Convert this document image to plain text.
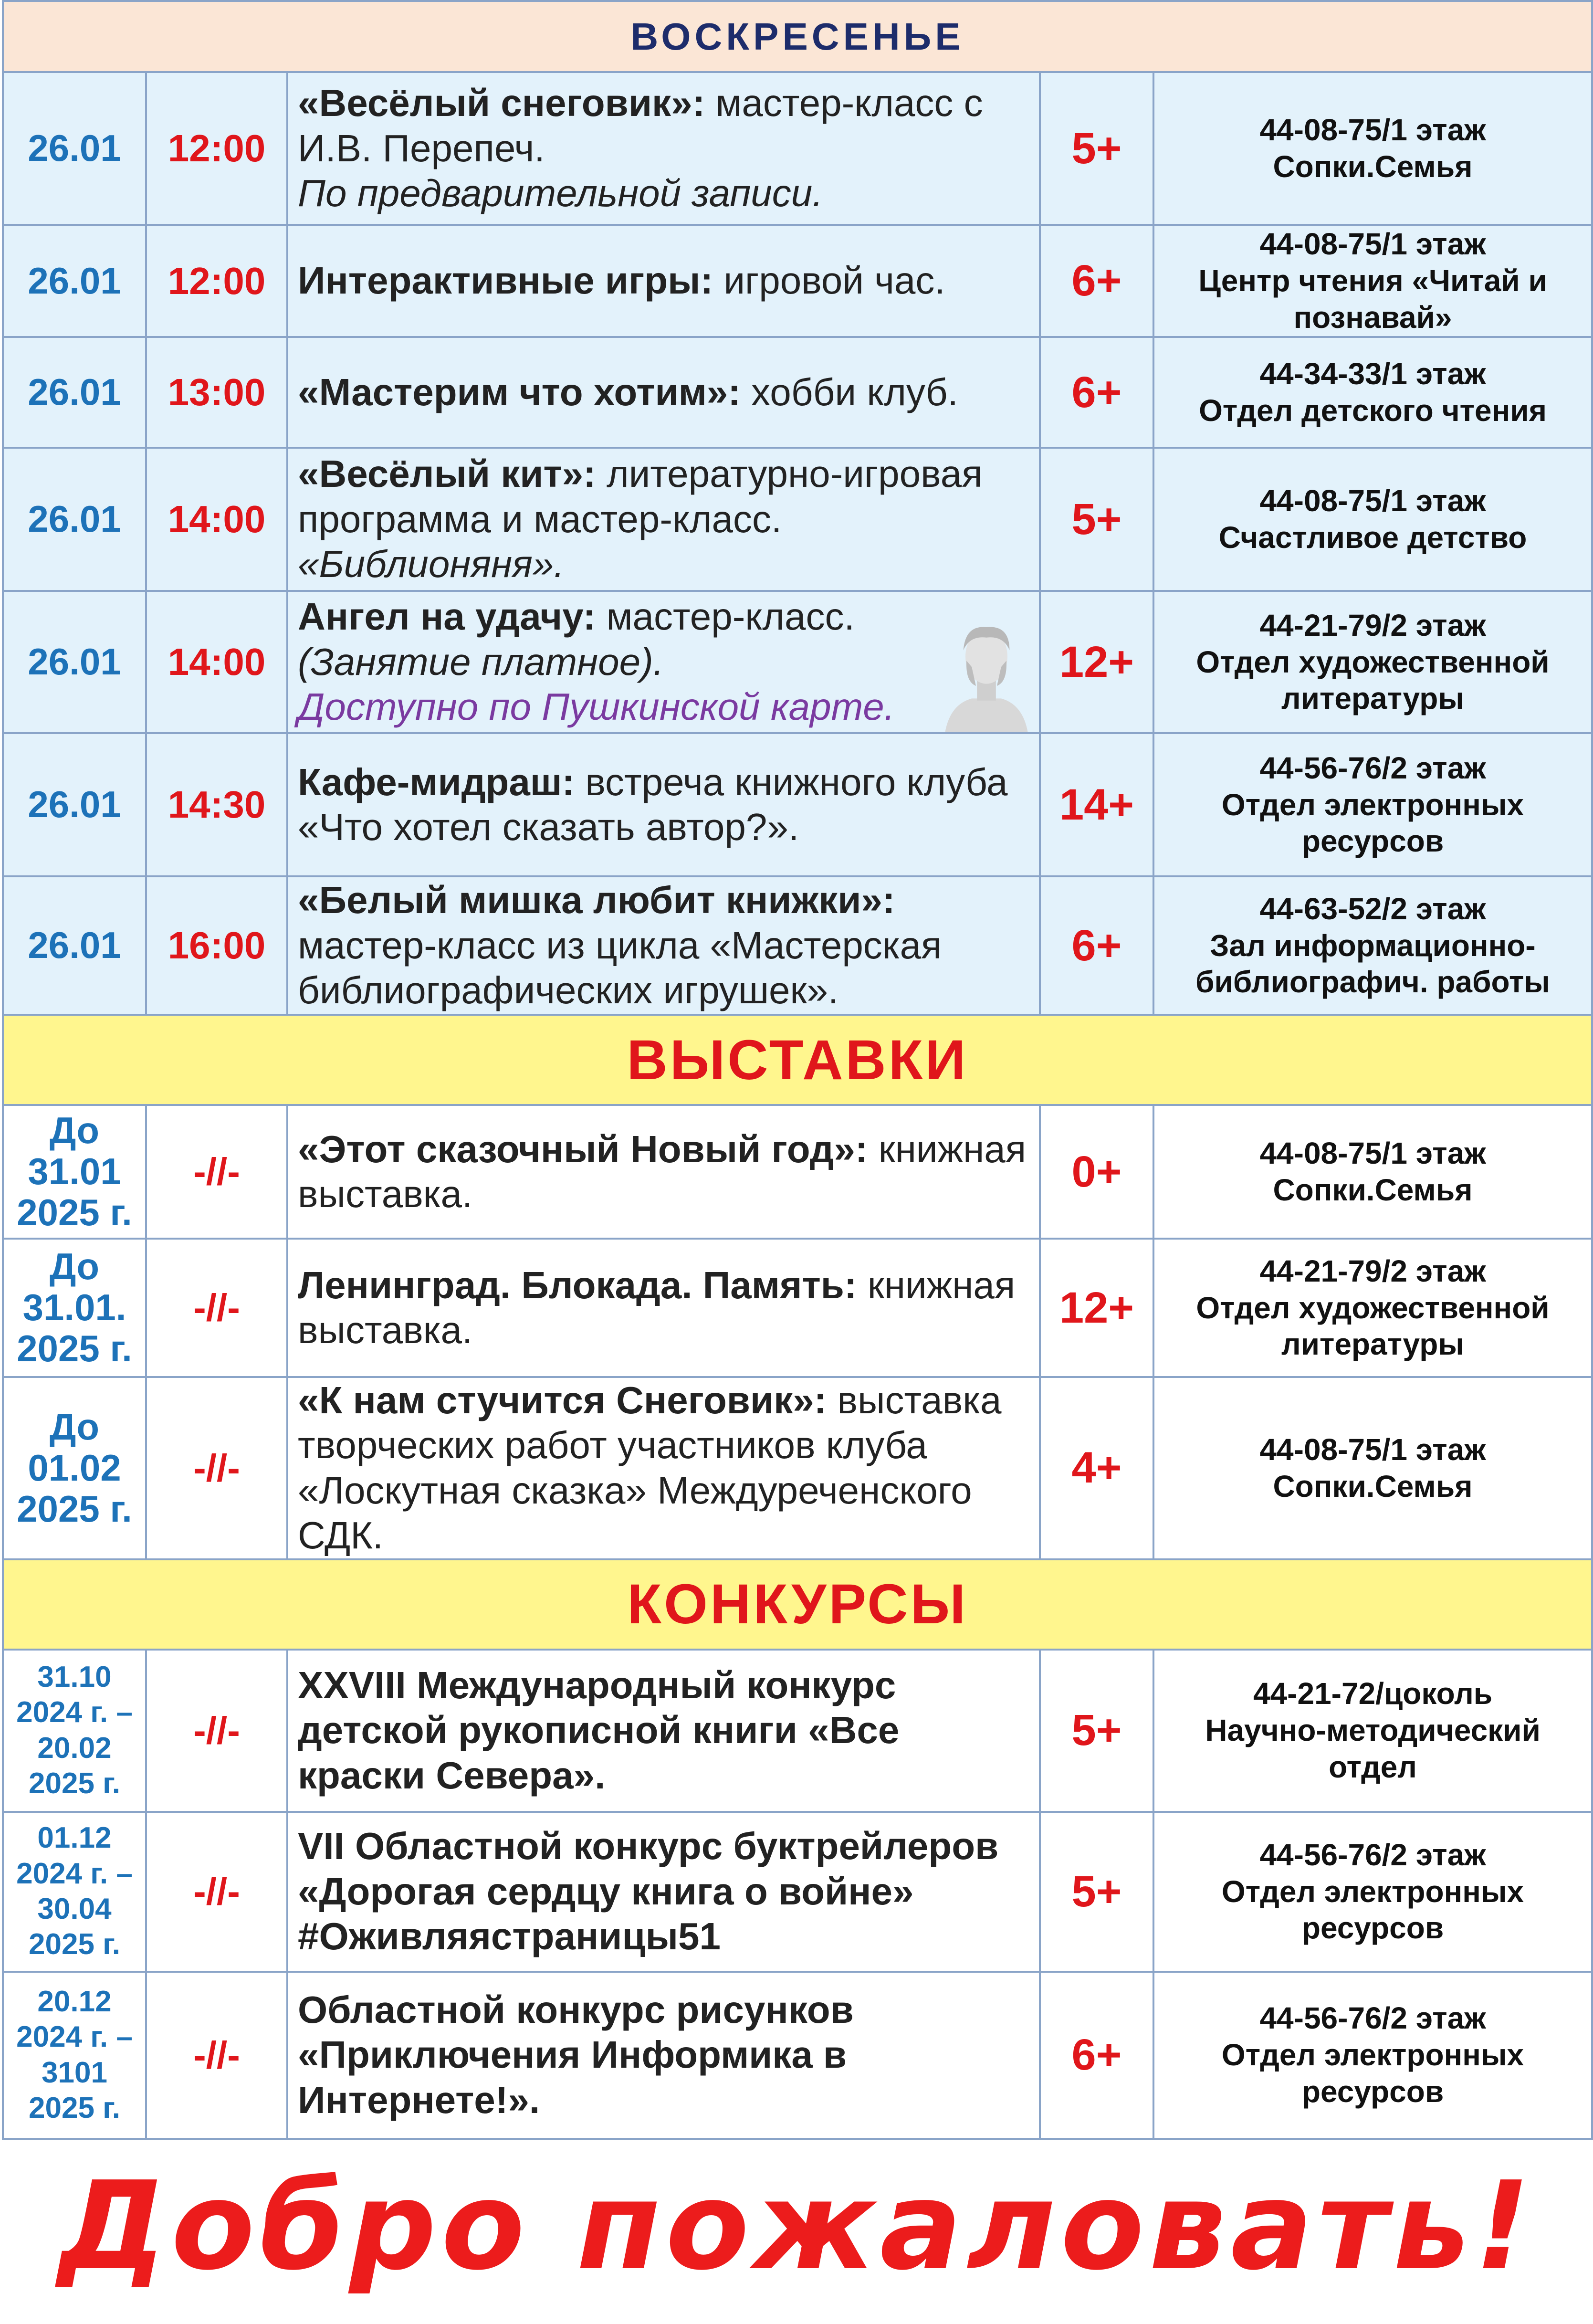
ВОСКРЕСЕНЬЕ				
26.01	12:00	«Весёлый снеговик»: мастер-класс с И.В. Перепеч.
По предварительной записи.	5+	44-08-75/1 этаж
Сопки.Семья
26.01	12:00	Интерактивные игры: игровой час.	6+	44-08-75/1 этаж
Центр чтения «Читай и познавай»
26.01	13:00	«Мастерим что хотим»: хобби клуб.	6+	44-34-33/1 этаж
Отдел детского чтения
26.01	14:00	«Весёлый кит»: литературно-игровая программа и мастер-класс. «Библионяня».	5+	44-08-75/1 этаж
Счастливое детство
26.01	14:00	Ангел на удачу: мастер-класс.
(Занятие платное).
Доступно по Пушкинской карте.	12+	44-21-79/2 этаж
Отдел художественной литературы
26.01	14:30	Кафе-мидраш: встреча книжного клуба «Что хотел сказать автор?».	14+	44-56-76/2 этаж
Отдел электронных ресурсов
26.01	16:00	«Белый мишка любит книжки»: мастер-класс из цикла «Мастерская библиографических игрушек».	6+	44-63-52/2 этаж
Зал информационно-библиографич. работы
ВЫСТАВКИ				
До 31.01 2025 г.	-//-	«Этот сказочный Новый год»: книжная выставка.	0+	44-08-75/1 этаж
Сопки.Семья
До 31.01. 2025 г.	-//-	Ленинград. Блокада. Память: книжная выставка.	12+	44-21-79/2 этаж
Отдел художественной литературы
До 01.02 2025 г.	-//-	«К нам стучится Снеговик»: выставка творческих работ участников клуба «Лоскутная сказка» Междуреченского СДК.	4+	44-08-75/1 этаж
Сопки.Семья
КОНКУРСЫ				
31.10 2024 г. – 20.02 2025 г.	-//-	XXVIII Международный конкурс детской рукописной книги «Все краски Севера».	5+	44-21-72/цоколь
Научно-методический отдел
01.12 2024 г. – 30.04 2025 г.	-//-	VII Областной конкурс буктрейлеров «Дорогая сердцу книга о войне» #Оживляястраницы51	5+	44-56-76/2 этаж
Отдел электронных ресурсов
20.12 2024 г. – 3101 2025 г.	-//-	Областной конкурс рисунков «Приключения Информика в Интернете!».	6+	44-56-76/2 этаж
Отдел электронных ресурсов
Добро пожаловать!
